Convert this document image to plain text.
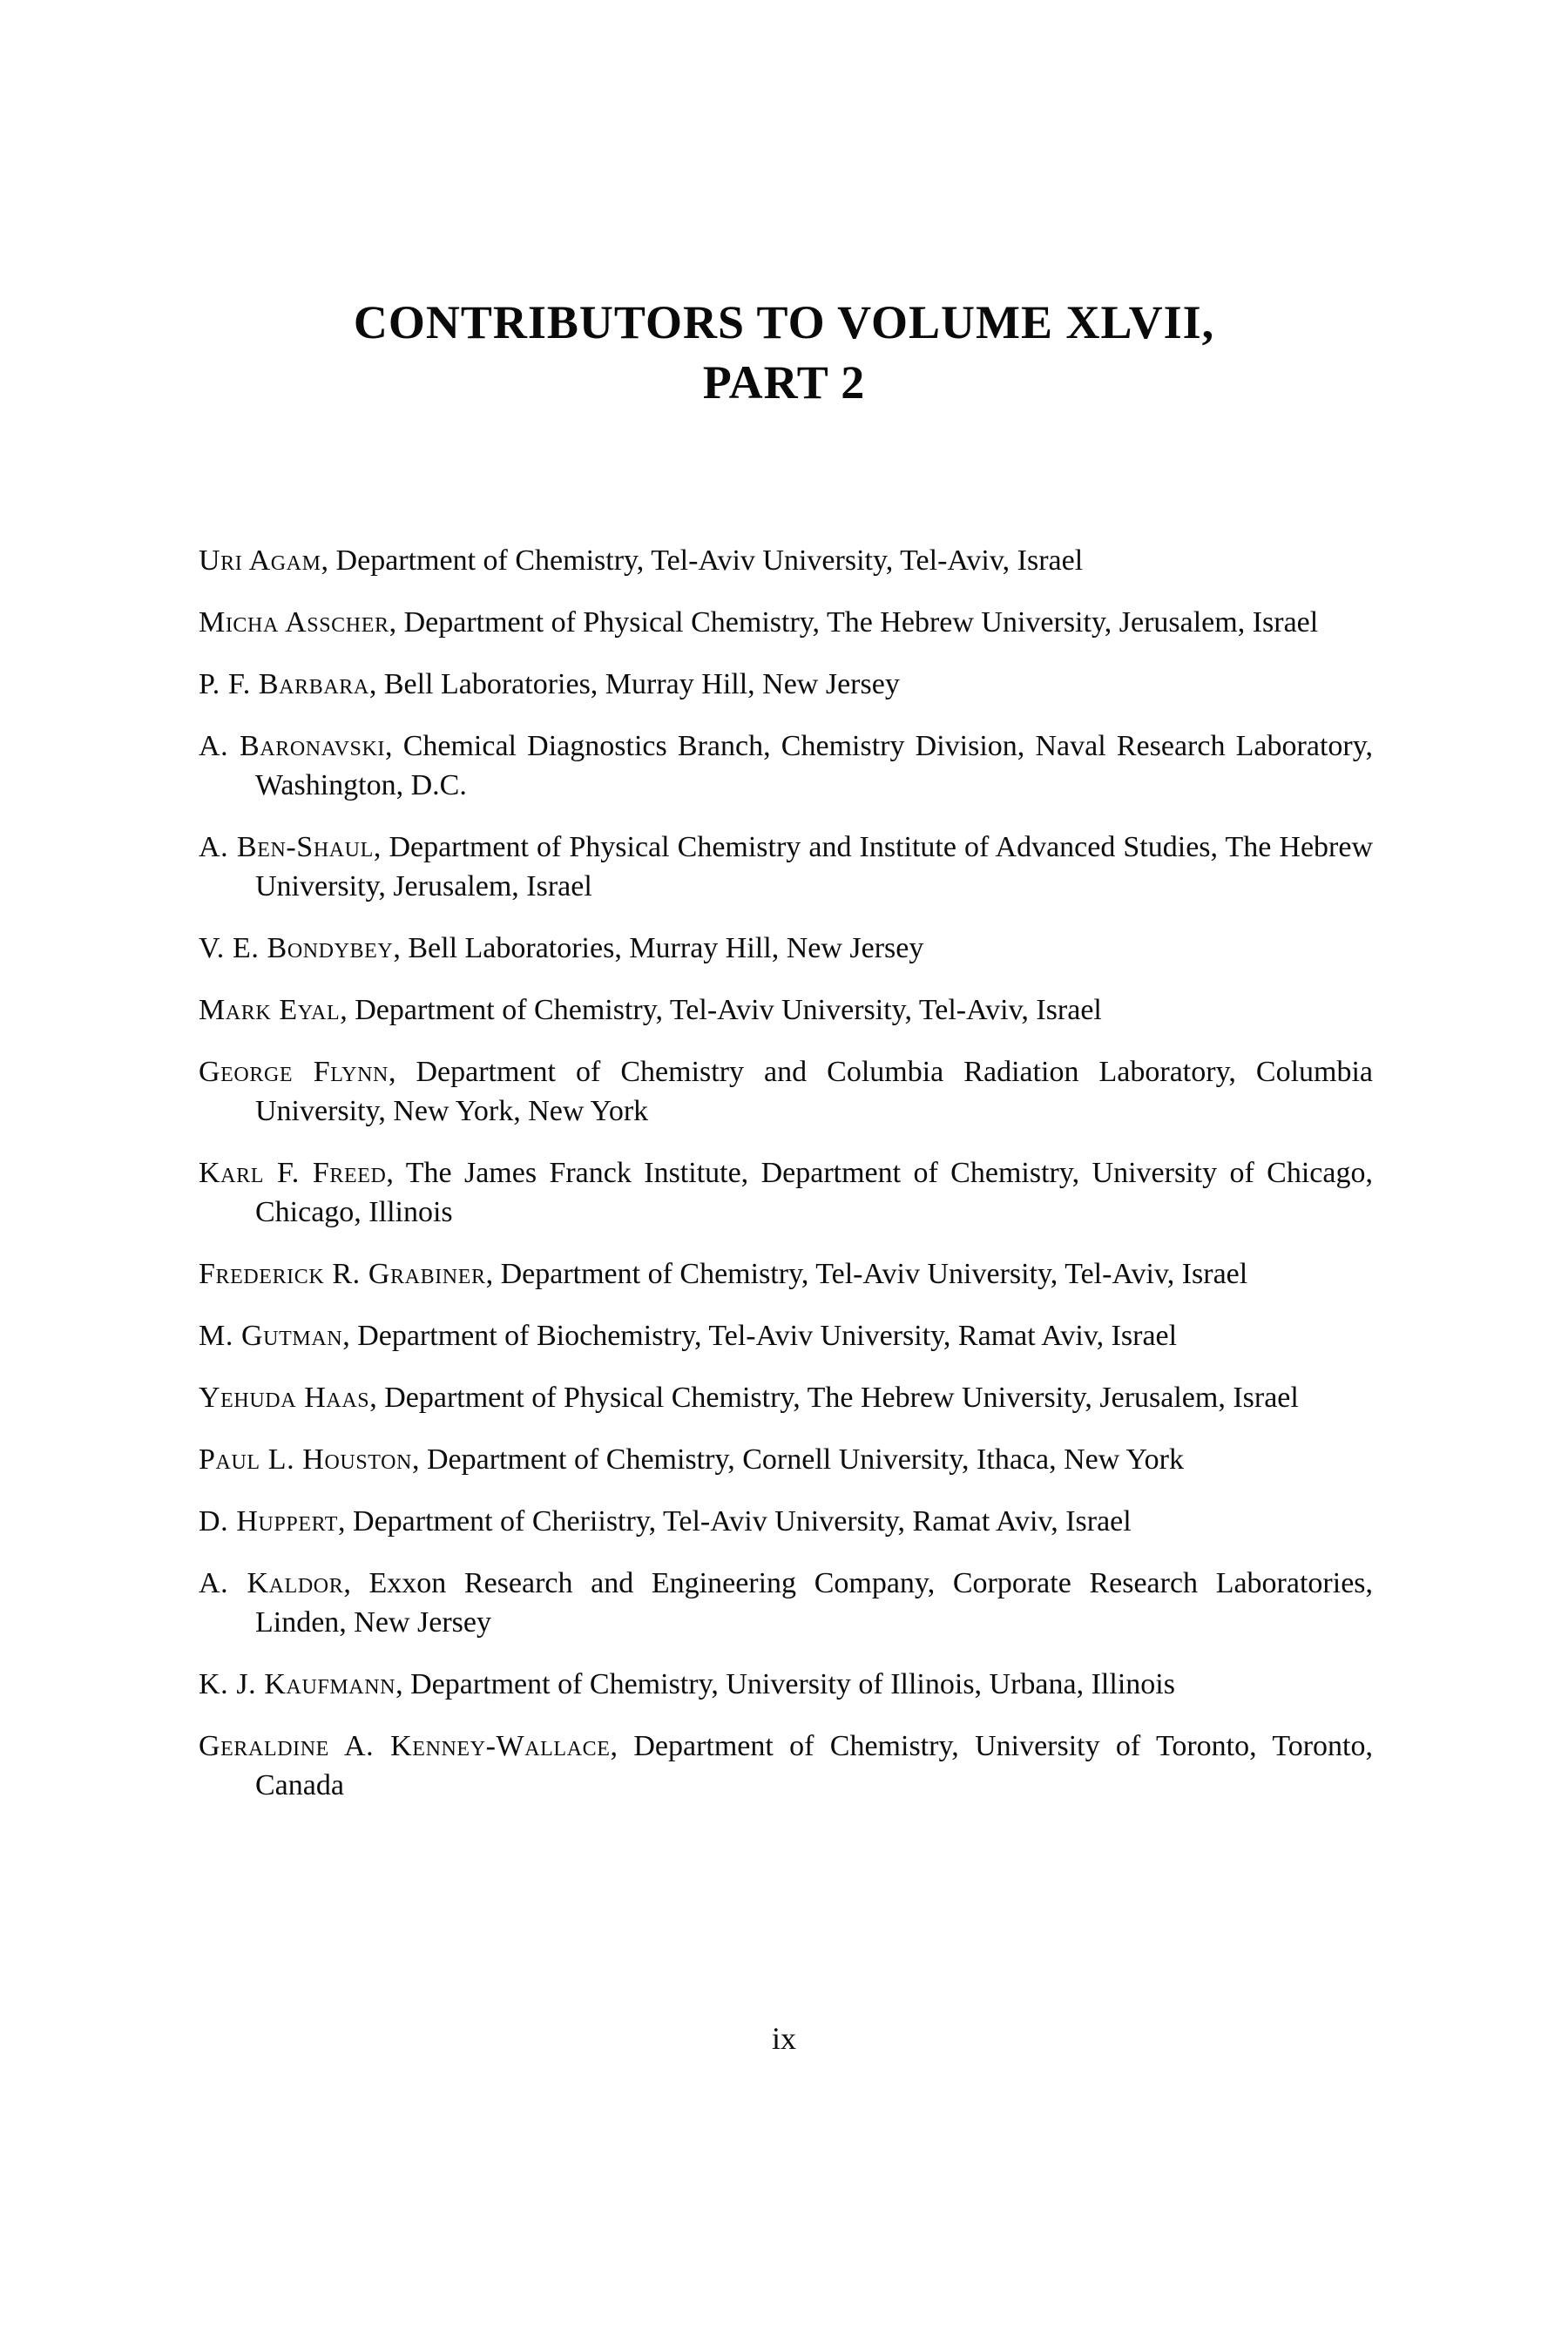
CONTRIBUTORS TO VOLUME XLVII,
PART 2
Uri Agam, Department of Chemistry, Tel-Aviv University, Tel-Aviv, Israel
Micha Asscher, Department of Physical Chemistry, The Hebrew University, Jerusalem, Israel
P. F. Barbara, Bell Laboratories, Murray Hill, New Jersey
A. Baronavski, Chemical Diagnostics Branch, Chemistry Division, Naval Research Laboratory, Washington, D.C.
A. Ben-Shaul, Department of Physical Chemistry and Institute of Advanced Studies, The Hebrew University, Jerusalem, Israel
V. E. Bondybey, Bell Laboratories, Murray Hill, New Jersey
Mark Eyal, Department of Chemistry, Tel-Aviv University, Tel-Aviv, Israel
George Flynn, Department of Chemistry and Columbia Radiation Laboratory, Columbia University, New York, New York
Karl F. Freed, The James Franck Institute, Department of Chemistry, University of Chicago, Chicago, Illinois
Frederick R. Grabiner, Department of Chemistry, Tel-Aviv University, Tel-Aviv, Israel
M. Gutman, Department of Biochemistry, Tel-Aviv University, Ramat Aviv, Israel
Yehuda Haas, Department of Physical Chemistry, The Hebrew University, Jerusalem, Israel
Paul L. Houston, Department of Chemistry, Cornell University, Ithaca, New York
D. Huppert, Department of Cheriistry, Tel-Aviv University, Ramat Aviv, Israel
A. Kaldor, Exxon Research and Engineering Company, Corporate Research Laboratories, Linden, New Jersey
K. J. Kaufmann, Department of Chemistry, University of Illinois, Urbana, Illinois
Geraldine A. Kenney-Wallace, Department of Chemistry, University of Toronto, Toronto, Canada
ix
